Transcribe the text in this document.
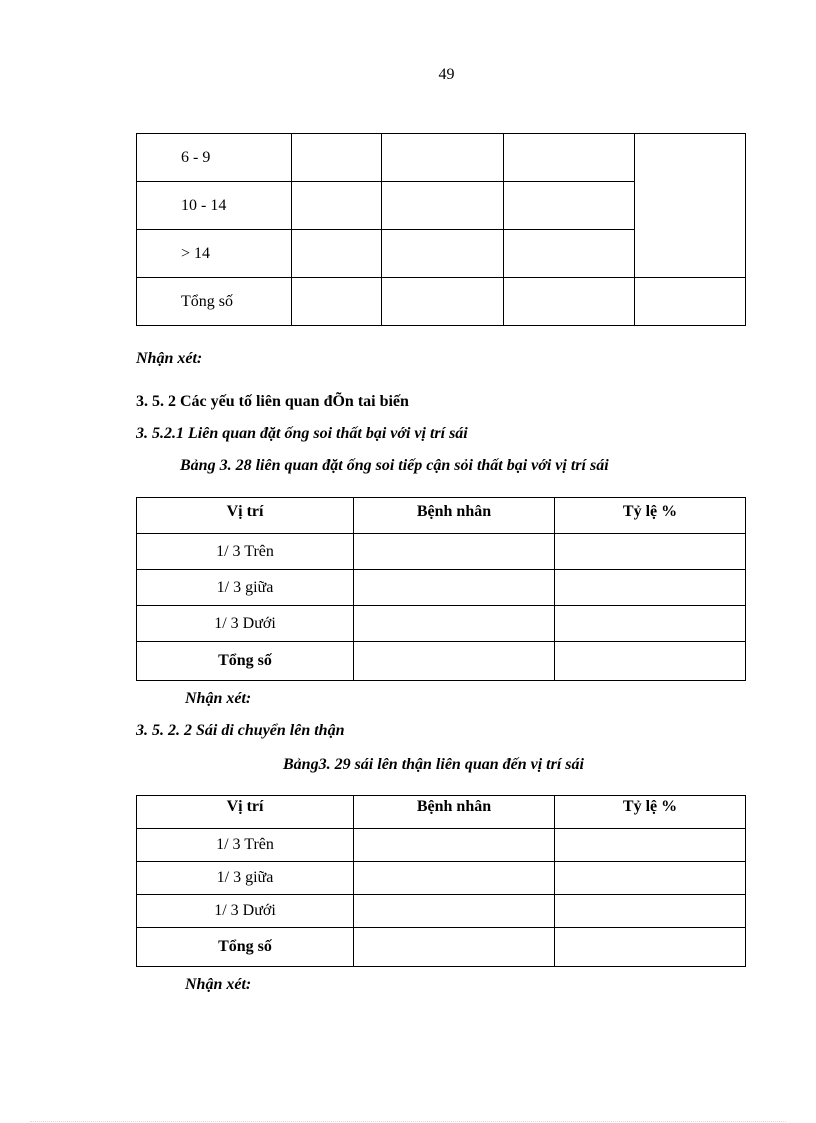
49
6 - 9				
10 - 14				
> 14				
Tổng số				
Nhận xét:
3. 5. 2 Các yếu tố liên quan đÕn tai biến
3. 5.2.1 Liên quan đặt ống soi thất bại với vị trí sái
Bảng 3. 28 liên quan đặt ống soi tiếp cận sỏi thất bại với vị trí sái
Vị trí	Bệnh nhân	Tỷ lệ %
1/ 3 Trên		
1/ 3 giữa		
1/ 3 Dưới		
Tổng số		
Nhận xét:
3. 5. 2. 2 Sái di chuyển lên thận
Bảng3. 29 sái lên thận liên quan đến vị trí sái
Vị trí	Bệnh nhân	Tỷ lệ %
1/ 3 Trên		
1/ 3 giữa		
1/ 3 Dưới		
Tổng số		
Nhận xét:
